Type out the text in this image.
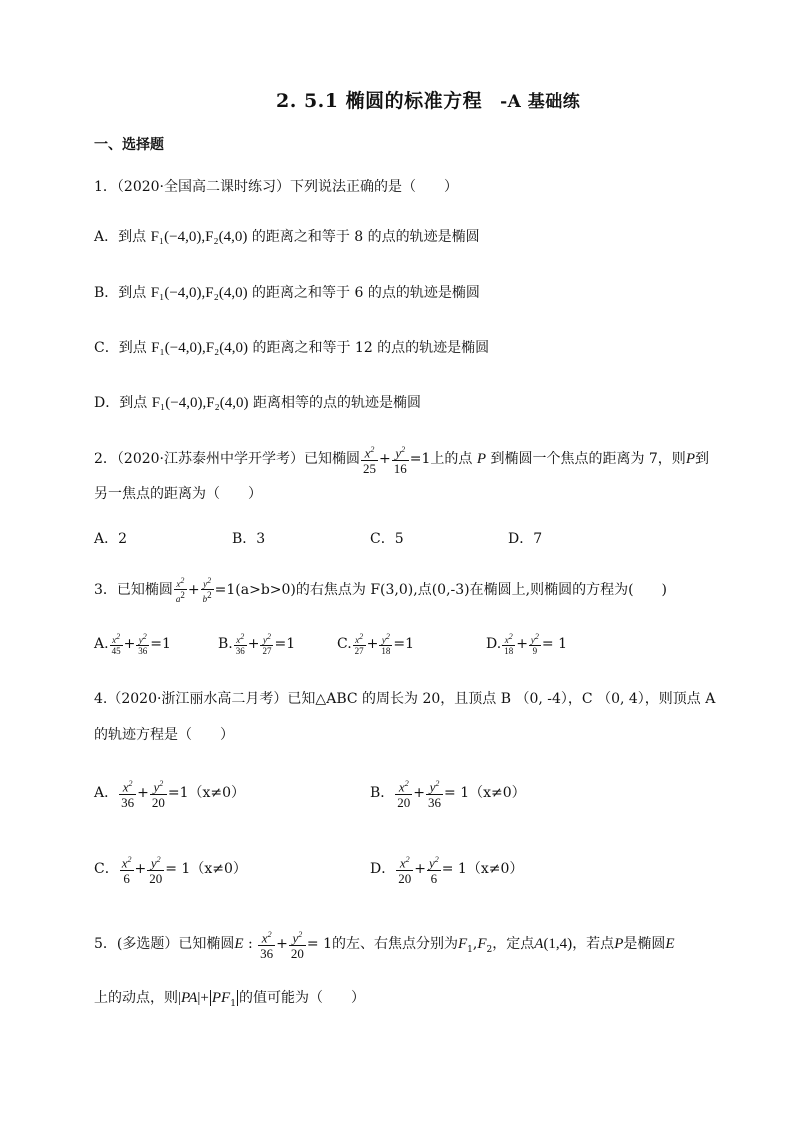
2. 5.1 椭圆的标准方程 -A 基础练
一、选择题
1．（2020·全国高二课时练习）下列说法正确的是（　　）
A．到点 F₁(−4,0),F₂(4,0) 的距离之和等于 8 的点的轨迹是椭圆
B．到点 F₁(−4,0),F₂(4,0) 的距离之和等于 6 的点的轨迹是椭圆
C．到点 F₁(−4,0),F₂(4,0) 的距离之和等于 12 的点的轨迹是椭圆
D．到点 F₁(−4,0),F₂(4,0) 距离相等的点的轨迹是椭圆
2．（2020·江苏泰州中学开学考）已知椭圆 $\frac{x^2}{25} + \frac{y^2}{16} =1$上的点 P 到椭圆一个焦点的距离为 7，则P到
另一焦点的距离为（　　）
A．2	B．3	C．5	D．7
3．已知椭圆 $\frac{x^2}{a^2} + \frac{y^2}{b^2} =1(a>b>0)$的右焦点为 F(3,0),点(0,-3)在椭圆上,则椭圆的方程为(　　)
A. $\frac{x^2}{45} + \frac{y^2}{36} =1$	B. $\frac{x^2}{36} + \frac{y^2}{27} =1$	C. $\frac{x^2}{27} + \frac{y^2}{18} =1$	D. $\frac{x^2}{18} + \frac{y^2}{9} = 1$
4.（2020·浙江丽水高二月考）已知△ABC 的周长为 20，且顶点 B （0, -4），C （0, 4），则顶点 A
的轨迹方程是（　　）
A． $\frac{x^2}{36} + \frac{y^2}{20} =1(x\ne 0)$	B． $\frac{x^2}{20} + \frac{y^2}{36} = 1(x\ne 0)$
C． $\frac{x^2}{6} + \frac{y^2}{20} = 1(x\ne 0)$	D． $\frac{x^2}{20} + \frac{y^2}{6} = 1(x\ne 0)$
5．(多选题）已知椭圆E : $\frac{x^2}{36} + \frac{y^2}{20} = 1$的左、右焦点分别为$F_1,F_2$，定点A(1,4)，若点P是椭圆E
上的动点，则$|PA|+ PF_1$ 的值可能为（　　）
